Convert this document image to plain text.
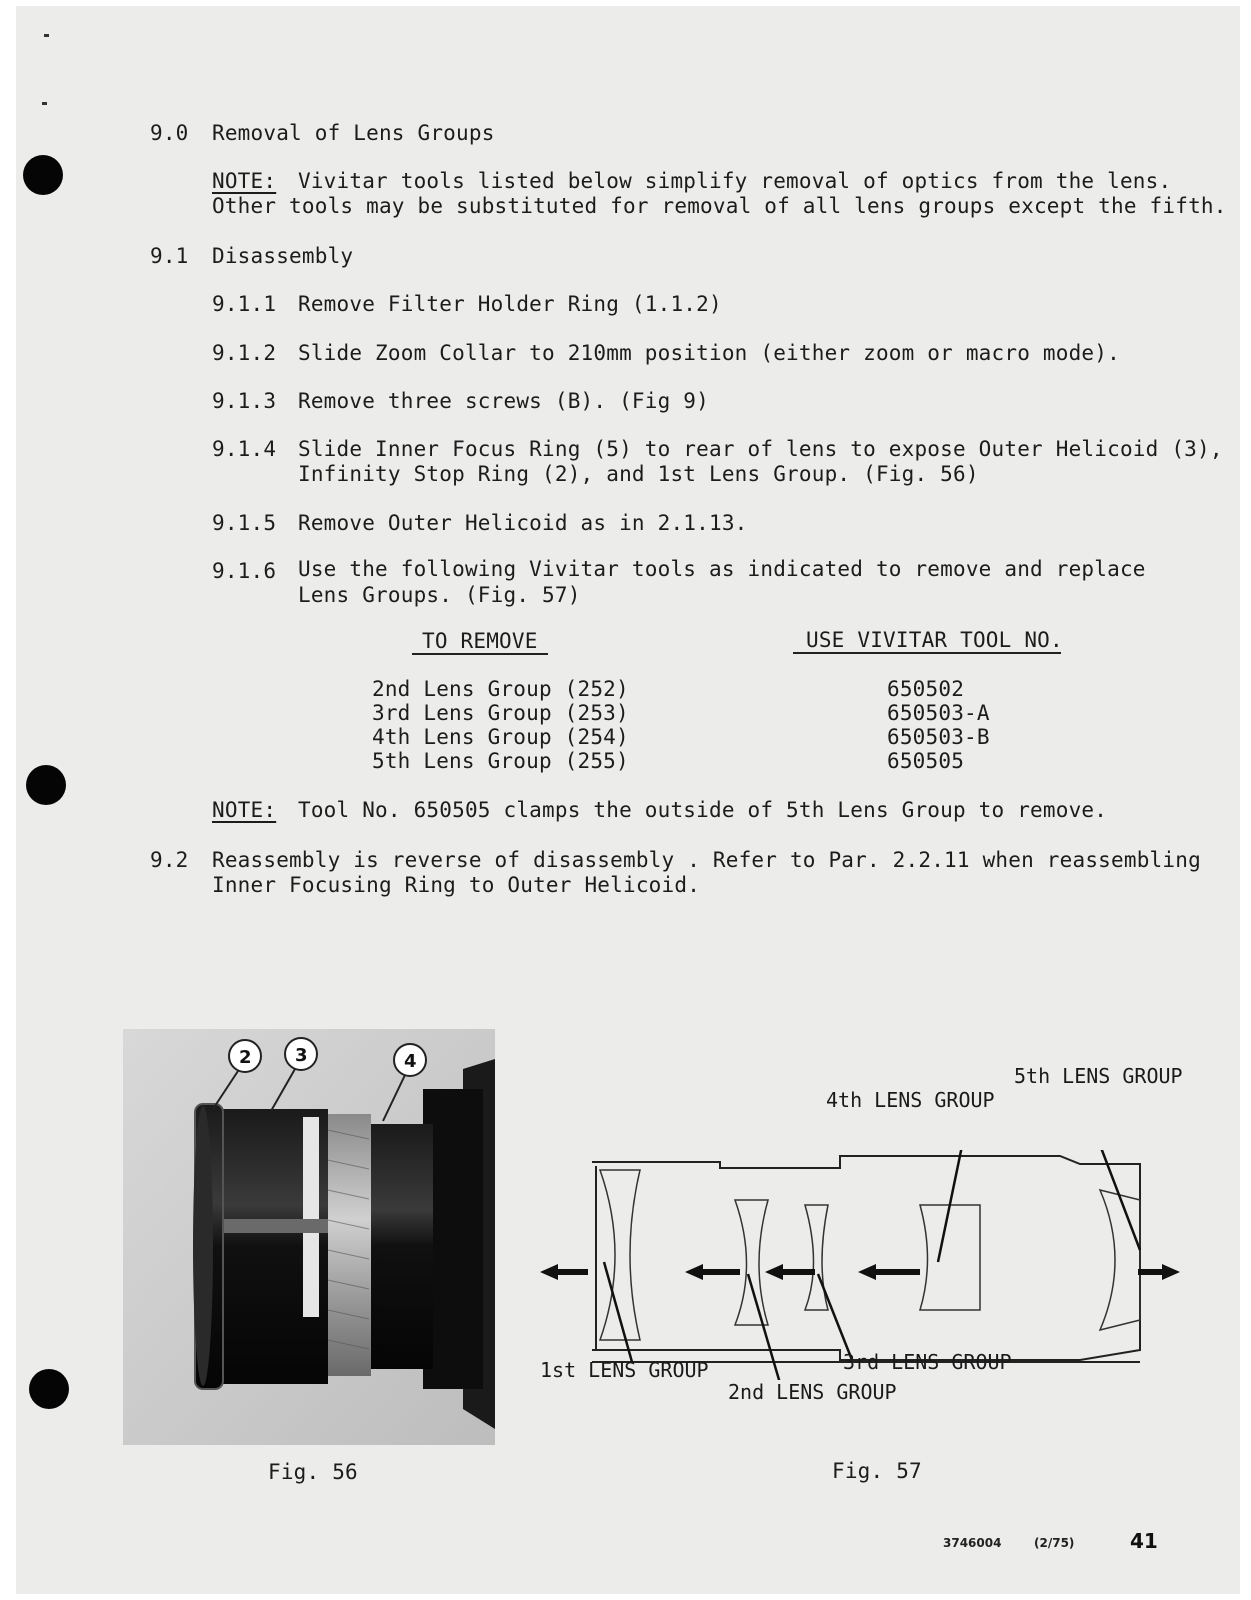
9.0 Removal of Lens Groups
NOTE: Vivitar tools listed below simplify removal of optics from the lens.
Other tools may be substituted for removal of all lens groups except the fifth.
9.1 Disassembly
9.1.1 Remove Filter Holder Ring (1.1.2)
9.1.2 Slide Zoom Collar to 210mm position (either zoom or macro mode).
9.1.3 Remove three screws (B). (Fig 9)
9.1.4 Slide Inner Focus Ring (5) to rear of lens to expose Outer Helicoid (3),
Infinity Stop Ring (2), and 1st Lens Group. (Fig. 56)
9.1.5 Remove Outer Helicoid as in 2.1.13.
9.1.6 Use the following Vivitar tools as indicated to remove and replace
Lens Groups. (Fig. 57)
TO REMOVE	USE VIVITAR TOOL NO.
2nd Lens Group (252)	650502
3rd Lens Group (253)	650503-A
4th Lens Group (254)	650503-B
5th Lens Group (255)	650505
NOTE: Tool No. 650505 clamps the outside of 5th Lens Group to remove.
9.2 Reassembly is reverse of disassembly . Refer to Par. 2.2.11 when reassembling
Inner Focusing Ring to Outer Helicoid.
2 3	4
Fig. 56
1st LENS GROUP
2nd LENS GROUP
3rd LENS GROUP
4th LENS GROUP
5th LENS GROUP
Fig. 57
3746004	(2/75)	41
